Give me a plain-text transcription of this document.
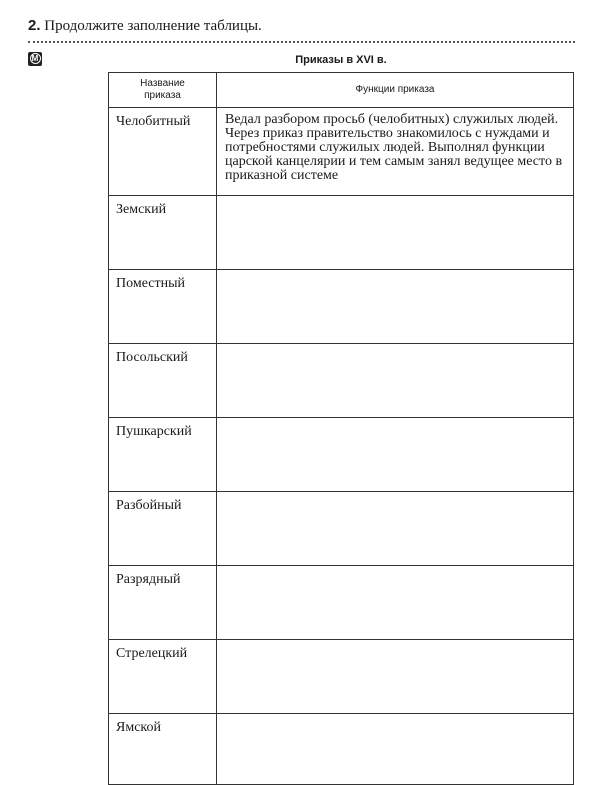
2. Продолжите заполнение таблицы.
M	Приказы в XVI в.
Название
приказа	Функции приказа
Челобитный	Ведал разбором просьб (челобитных) служилых людей. Через приказ правительство знакомилось с нуждами и потребностями служилых людей. Выполнял функции царской канцелярии и тем самым занял ведущее место в приказной системе
Земский	
Поместный	
Посольский	
Пушкарский	
Разбойный	
Разрядный	
Стрелецкий	
Ямской	
